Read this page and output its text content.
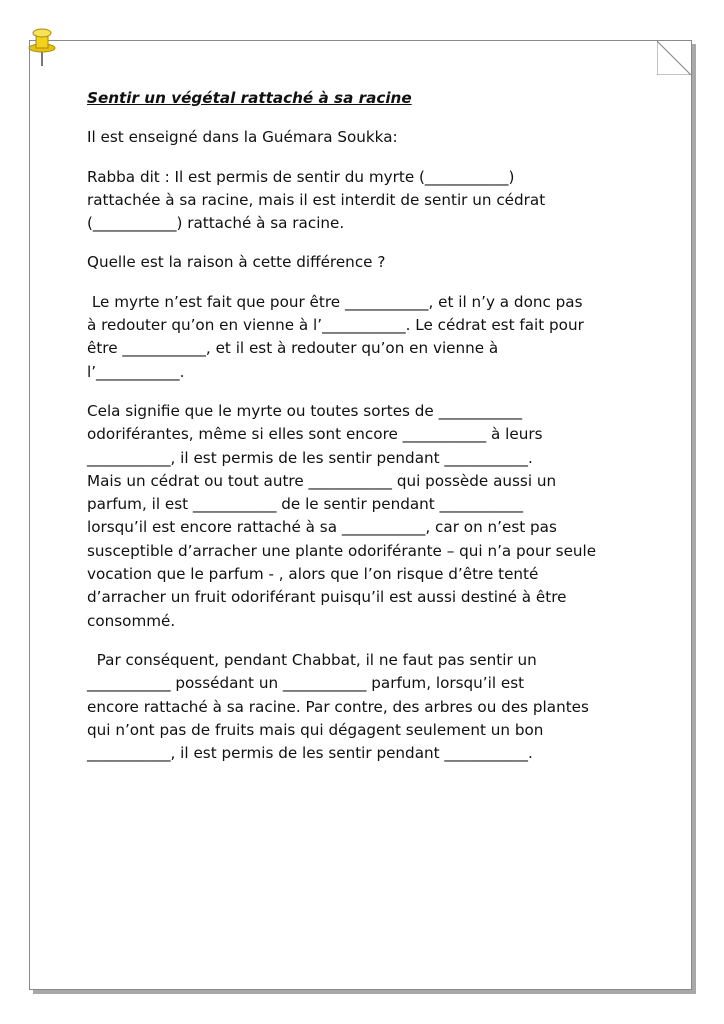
Sentir un végétal rattaché à sa racine

Il est enseigné dans la Guémara Soukka:

Rabba dit : Il est permis de sentir du myrte (___________)
rattachée à sa racine, mais il est interdit de sentir un cédrat
(___________) rattaché à sa racine.

Quelle est la raison à cette différence ?

Le myrte n’est fait que pour être ___________, et il n’y a donc pas
à redouter qu’on en vienne à l’___________. Le cédrat est fait pour
être ___________, et il est à redouter qu’on en vienne à
l’___________.

Cela signifie que le myrte ou toutes sortes de ___________
odoriférantes, même si elles sont encore ___________ à leurs
___________, il est permis de les sentir pendant ___________.
Mais un cédrat ou tout autre ___________ qui possède aussi un
parfum, il est ___________ de le sentir pendant ___________
lorsqu’il est encore rattaché à sa ___________, car on n’est pas
susceptible d’arracher une plante odoriférante – qui n’a pour seule
vocation que le parfum - , alors que l’on risque d’être tenté
d’arracher un fruit odoriférant puisqu’il est aussi destiné à être
consommé.

Par conséquent, pendant Chabbat, il ne faut pas sentir un
___________ possédant un ___________ parfum, lorsqu’il est
encore rattaché à sa racine. Par contre, des arbres ou des plantes
qui n’ont pas de fruits mais qui dégagent seulement un bon
___________, il est permis de les sentir pendant ___________.
